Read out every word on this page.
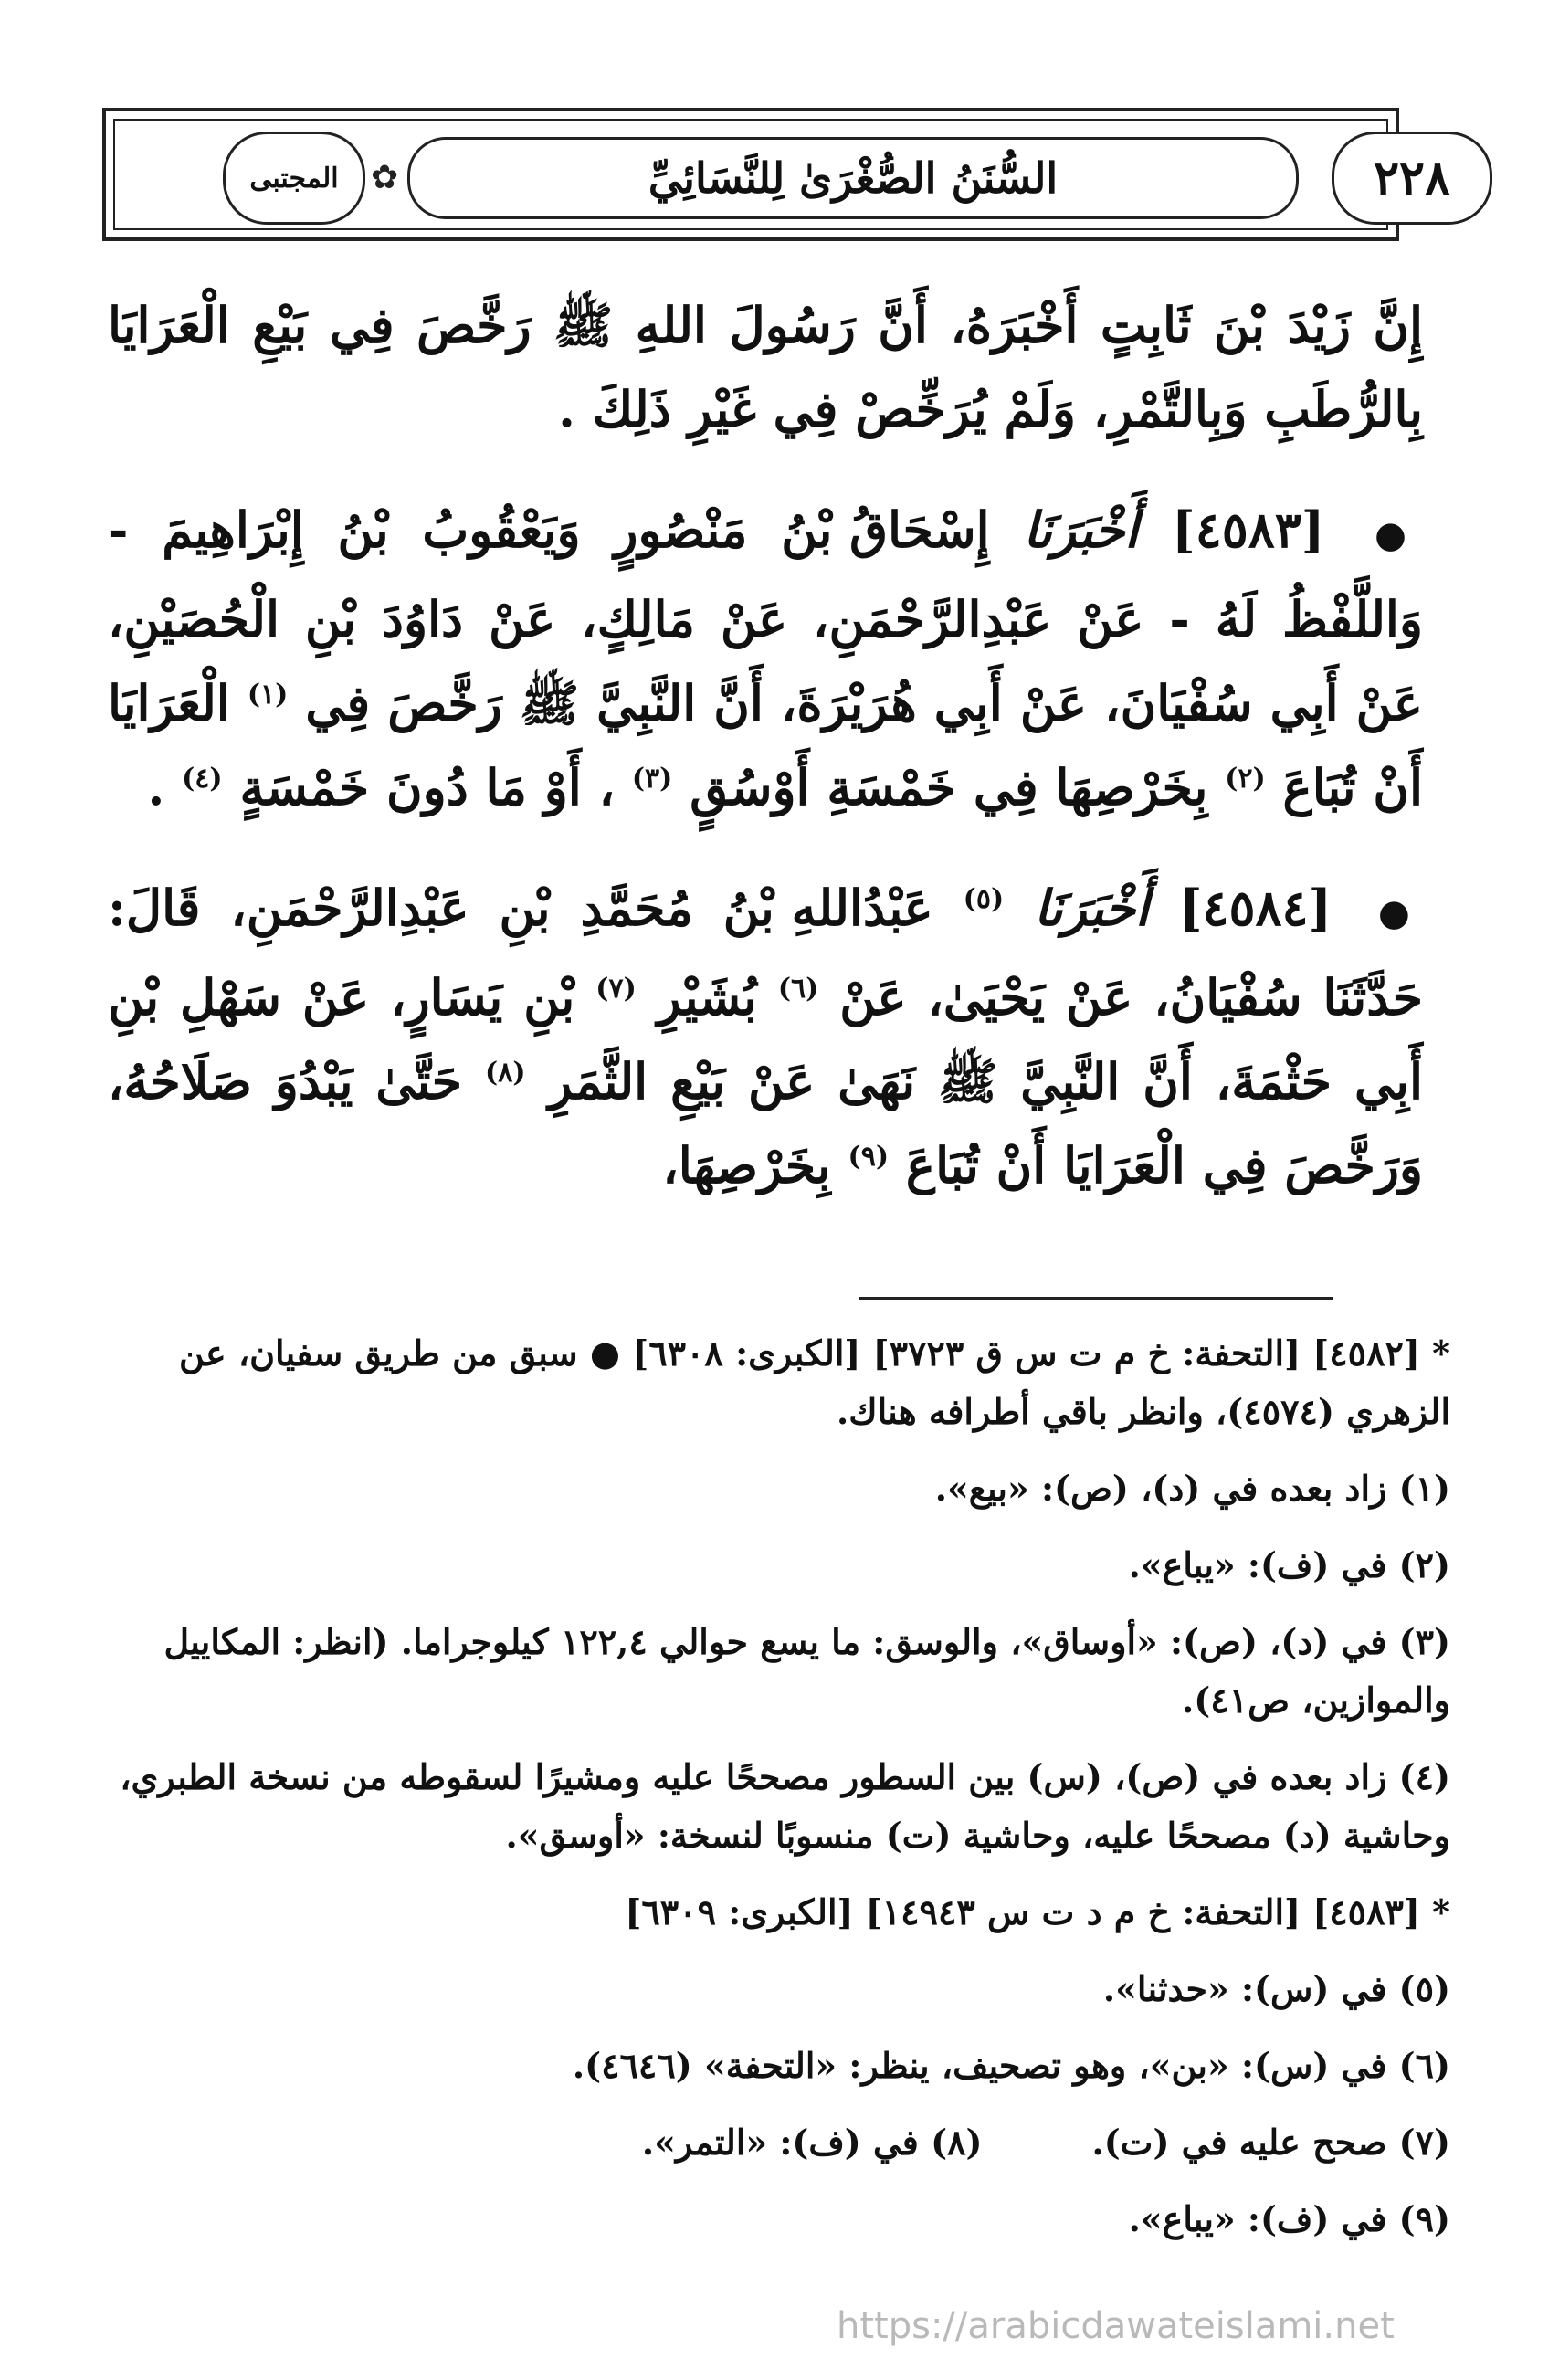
٢٢٨
السُّنَنُ الصُّغْرَىٰ لِلنَّسَائِيِّ
✿
المجتبى

إِنَّ زَيْدَ بْنَ ثَابِتٍ أَخْبَرَهُ، أَنَّ رَسُولَ اللهِ ﷺ رَخَّصَ فِي بَيْعِ الْعَرَايَا بِالرُّطَبِ وَبِالتَّمْرِ، وَلَمْ يُرَخِّصْ فِي غَيْرِ ذَلِكَ .

● [٤٥٨٣] أَخْبَرَنَا إِسْحَاقُ بْنُ مَنْصُورٍ وَيَعْقُوبُ بْنُ إِبْرَاهِيمَ - وَاللَّفْظُ لَهُ - عَنْ عَبْدِالرَّحْمَنِ، عَنْ مَالِكٍ، عَنْ دَاوُدَ بْنِ الْحُصَيْنِ، عَنْ أَبِي سُفْيَانَ، عَنْ أَبِي هُرَيْرَةَ، أَنَّ النَّبِيَّ ﷺ رَخَّصَ فِي $^{(١)}$ الْعَرَايَا أَنْ تُبَاعَ $^{(٢)}$ بِخَرْصِهَا فِي خَمْسَةِ أَوْسُقٍ $^{(٣)}$ ، أَوْ مَا دُونَ خَمْسَةٍ $^{(٤)}$ .

● [٤٥٨٤] أَخْبَرَنَا $^{(٥)}$ عَبْدُاللهِ بْنُ مُحَمَّدِ بْنِ عَبْدِالرَّحْمَنِ، قَالَ: حَدَّثَنَا سُفْيَانُ، عَنْ يَحْيَىٰ، عَنْ $^{(٦)}$ بُشَيْرِ $^{(٧)}$ بْنِ يَسَارٍ، عَنْ سَهْلِ بْنِ أَبِي حَثْمَةَ، أَنَّ النَّبِيَّ ﷺ نَهَىٰ عَنْ بَيْعِ الثَّمَرِ $^{(٨)}$ حَتَّىٰ يَبْدُوَ صَلَاحُهُ، وَرَخَّصَ فِي الْعَرَايَا أَنْ تُبَاعَ $^{(٩)}$ بِخَرْصِهَا،

* [٤٥٨٢] [التحفة: خ م ت س ق ٣٧٢٣] [الكبرى: ٦٣٠٨] ● سبق من طريق سفيان، عن الزهري (٤٥٧٤)، وانظر باقي أطرافه هناك.

(١) زاد بعده في (د)، (ص): «بيع».

(٢) في (ف): «يباع».

(٣) في (د)، (ص): «أوساق»، والوسق: ما يسع حوالي ١٢٢,٤ كيلوجراما. (انظر: المكاييل والموازين، ص٤١).

(٤) زاد بعده في (ص)، (س) بين السطور مصححًا عليه ومشيرًا لسقوطه من نسخة الطبري، وحاشية (د) مصححًا عليه، وحاشية (ت) منسوبًا لنسخة: «أوسق».

* [٤٥٨٣] [التحفة: خ م د ت س ١٤٩٤٣] [الكبرى: ٦٣٠٩]

(٥) في (س): «حدثنا».

(٦) في (س): «بن»، وهو تصحيف، ينظر: «التحفة» (٤٦٤٦).

(٧) صحح عليه في (ت).
(٨) في (ف): «التمر».

(٩) في (ف): «يباع».

https://arabicdawateislami.net
